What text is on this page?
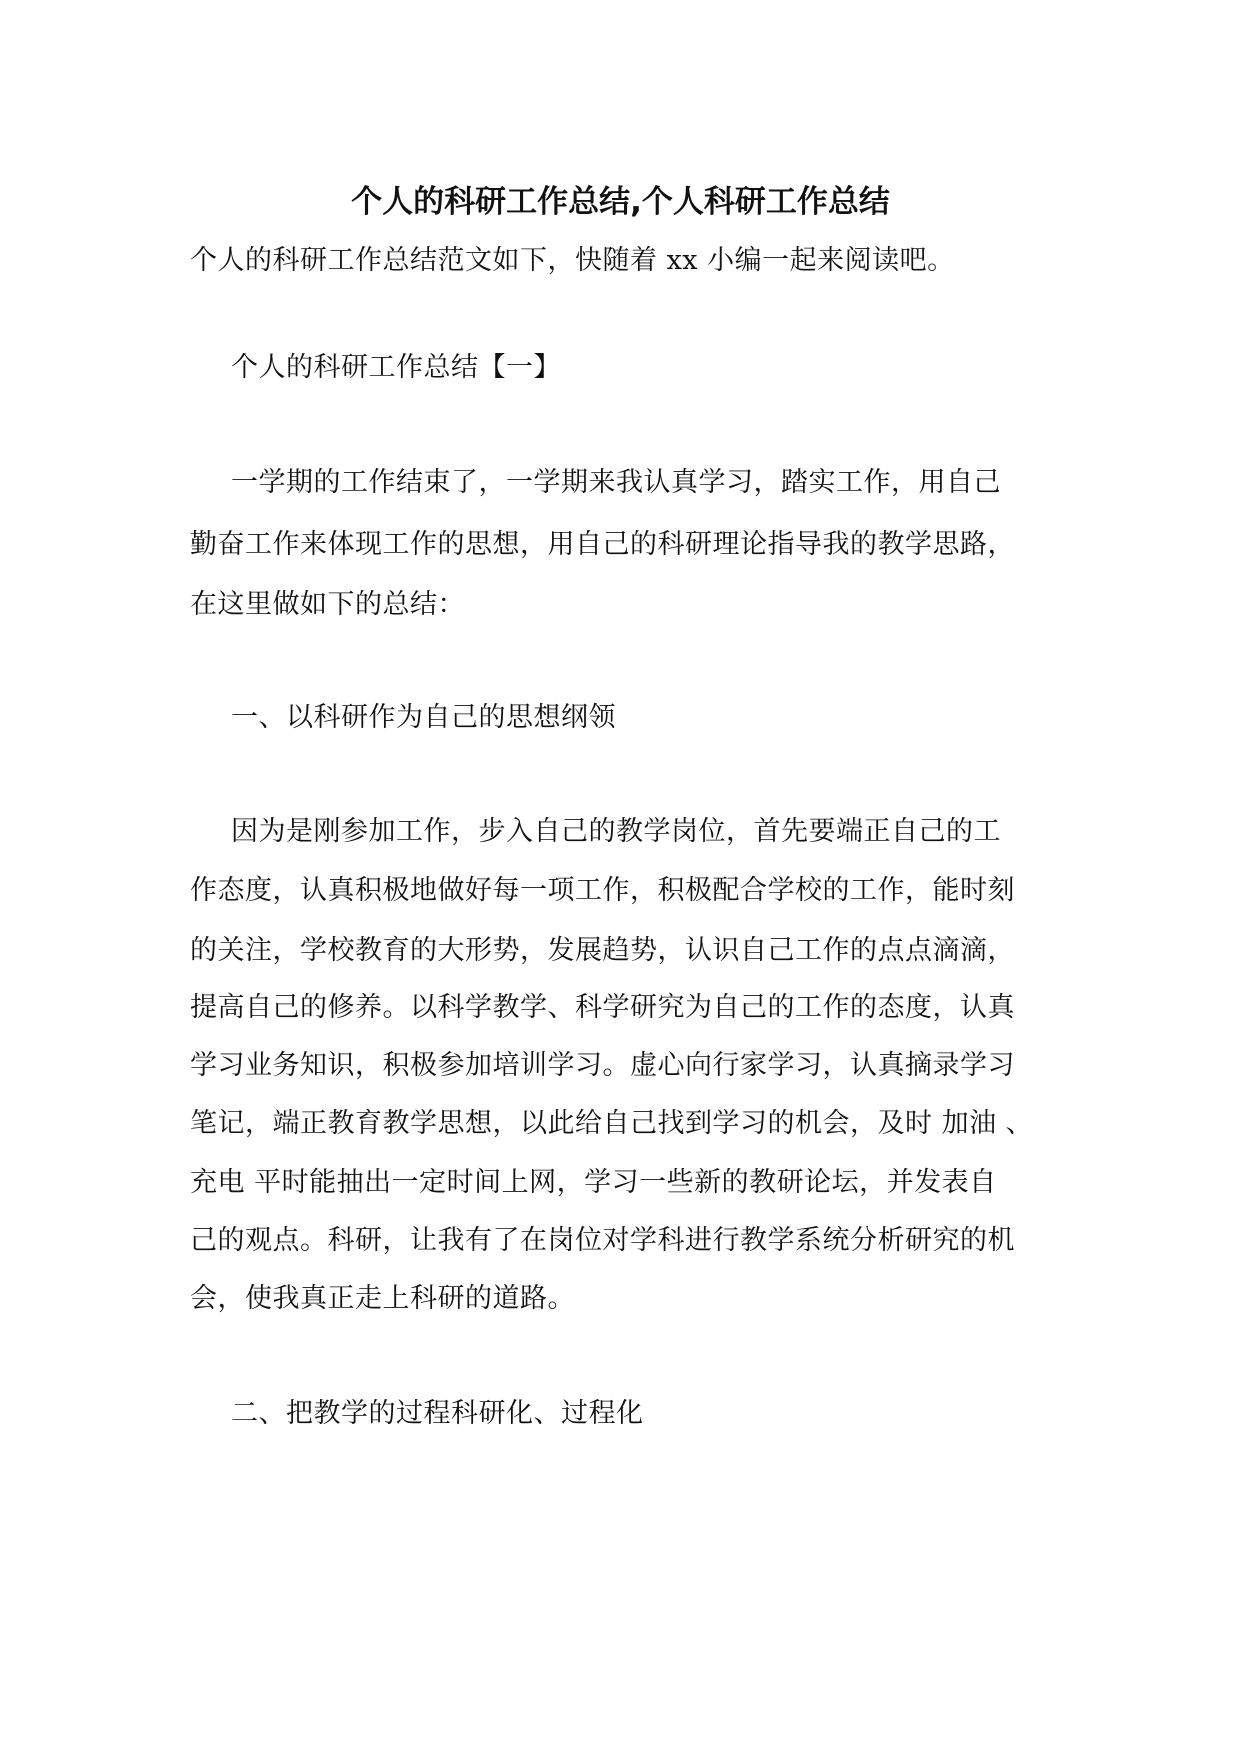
个人的科研工作总结,个人科研工作总结
个人的科研工作总结范文如下，快随着 xx 小编一起来阅读吧。
个人的科研工作总结【一】
一学期的工作结束了，一学期来我认真学习，踏实工作，用自己
勤奋工作来体现工作的思想，用自己的科研理论指导我的教学思路，
在这里做如下的总结：
一、以科研作为自己的思想纲领
因为是刚参加工作，步入自己的教学岗位，首先要端正自己的工
作态度，认真积极地做好每一项工作，积极配合学校的工作，能时刻
的关注，学校教育的大形势，发展趋势，认识自己工作的点点滴滴，
提高自己的修养。以科学教学、科学研究为自己的工作的态度，认真
学习业务知识，积极参加培训学习。虚心向行家学习，认真摘录学习
笔记，端正教育教学思想，以此给自己找到学习的机会，及时 加油 、
充电 平时能抽出一定时间上网，学习一些新的教研论坛，并发表自
己的观点。科研，让我有了在岗位对学科进行教学系统分析研究的机
会，使我真正走上科研的道路。
二、把教学的过程科研化、过程化
